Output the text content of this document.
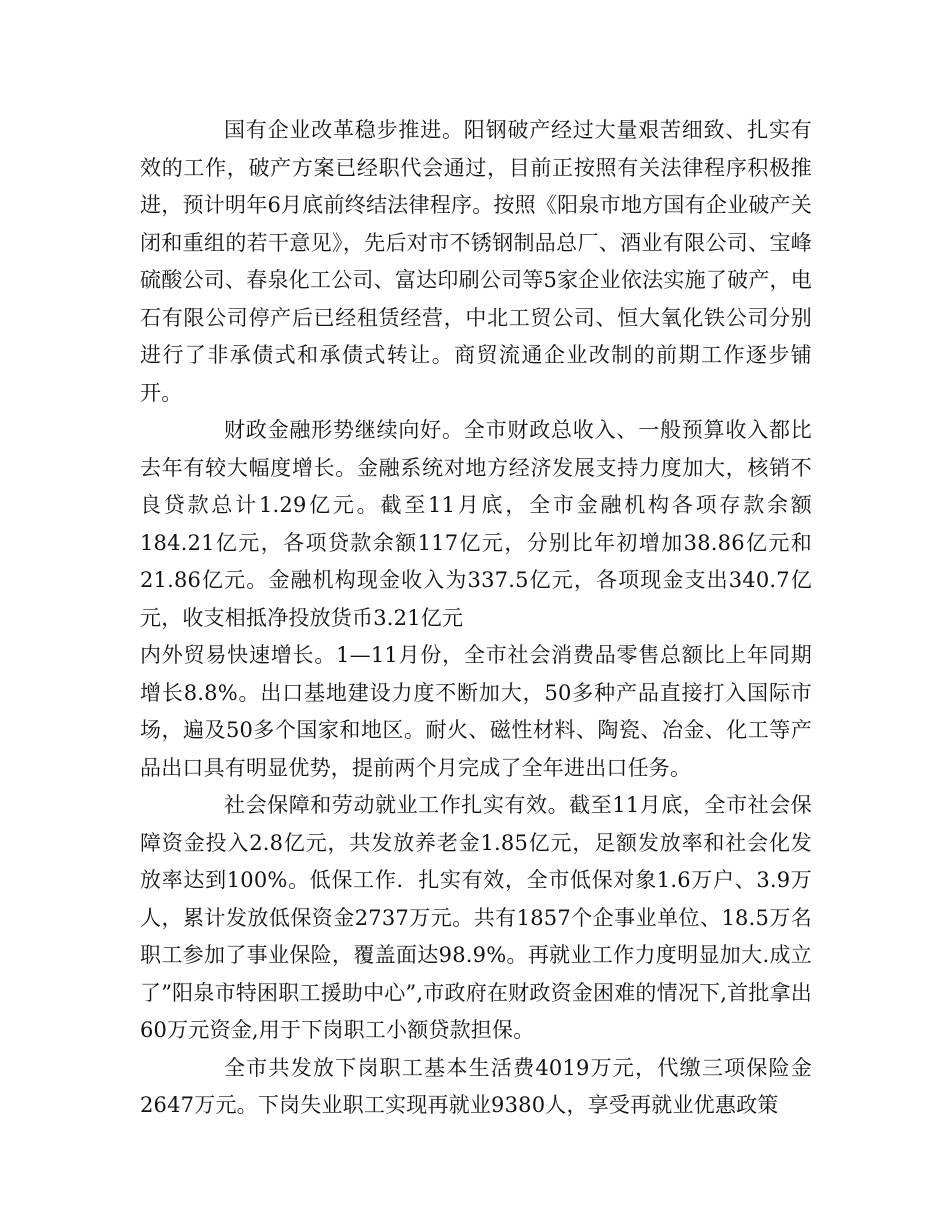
国有企业改革稳步推进。阳钢破产经过大量艰苦细致、扎实有效的工作，破产方案已经职代会通过，目前正按照有关法律程序积极推进，预计明年6月底前终结法律程序。按照《阳泉市地方国有企业破产关闭和重组的若干意见》，先后对市不锈钢制品总厂、酒业有限公司、宝峰硫酸公司、春泉化工公司、富达印刷公司等5家企业依法实施了破产，电石有限公司停产后已经租赁经营，中北工贸公司、恒大氧化铁公司分别进行了非承债式和承债式转让。商贸流通企业改制的前期工作逐步铺开。

财政金融形势继续向好。全市财政总收入、一般预算收入都比去年有较大幅度增长。金融系统对地方经济发展支持力度加大，核销不良贷款总计1.29亿元。截至11月底，全市金融机构各项存款余额184.21亿元，各项贷款余额117亿元，分别比年初增加38.86亿元和21.86亿元。金融机构现金收入为337.5亿元，各项现金支出340.7亿元，收支相抵净投放货币3.21亿元

内外贸易快速增长。1—11月份，全市社会消费品零售总额比上年同期增长8.8%。出口基地建设力度不断加大，50多种产品直接打入国际市场，遍及50多个国家和地区。耐火、磁性材料、陶瓷、冶金、化工等产品出口具有明显优势，提前两个月完成了全年进出口任务。

社会保障和劳动就业工作扎实有效。截至11月底，全市社会保障资金投入2.8亿元，共发放养老金1.85亿元，足额发放率和社会化发放率达到100%。低保工作．扎实有效，全市低保对象1.6万户、3.9万人，累计发放低保资金2737万元。共有1857个企事业单位、18.5万名职工参加了事业保险，覆盖面达98.9%。再就业工作力度明显加大.成立了”阳泉市特困职工援助中心”,市政府在财政资金困难的情况下,首批拿出60万元资金,用于下岗职工小额贷款担保。

全市共发放下岗职工基本生活费4019万元，代缴三项保险金2647万元。下岗失业职工实现再就业9380人，享受再就业优惠政策
